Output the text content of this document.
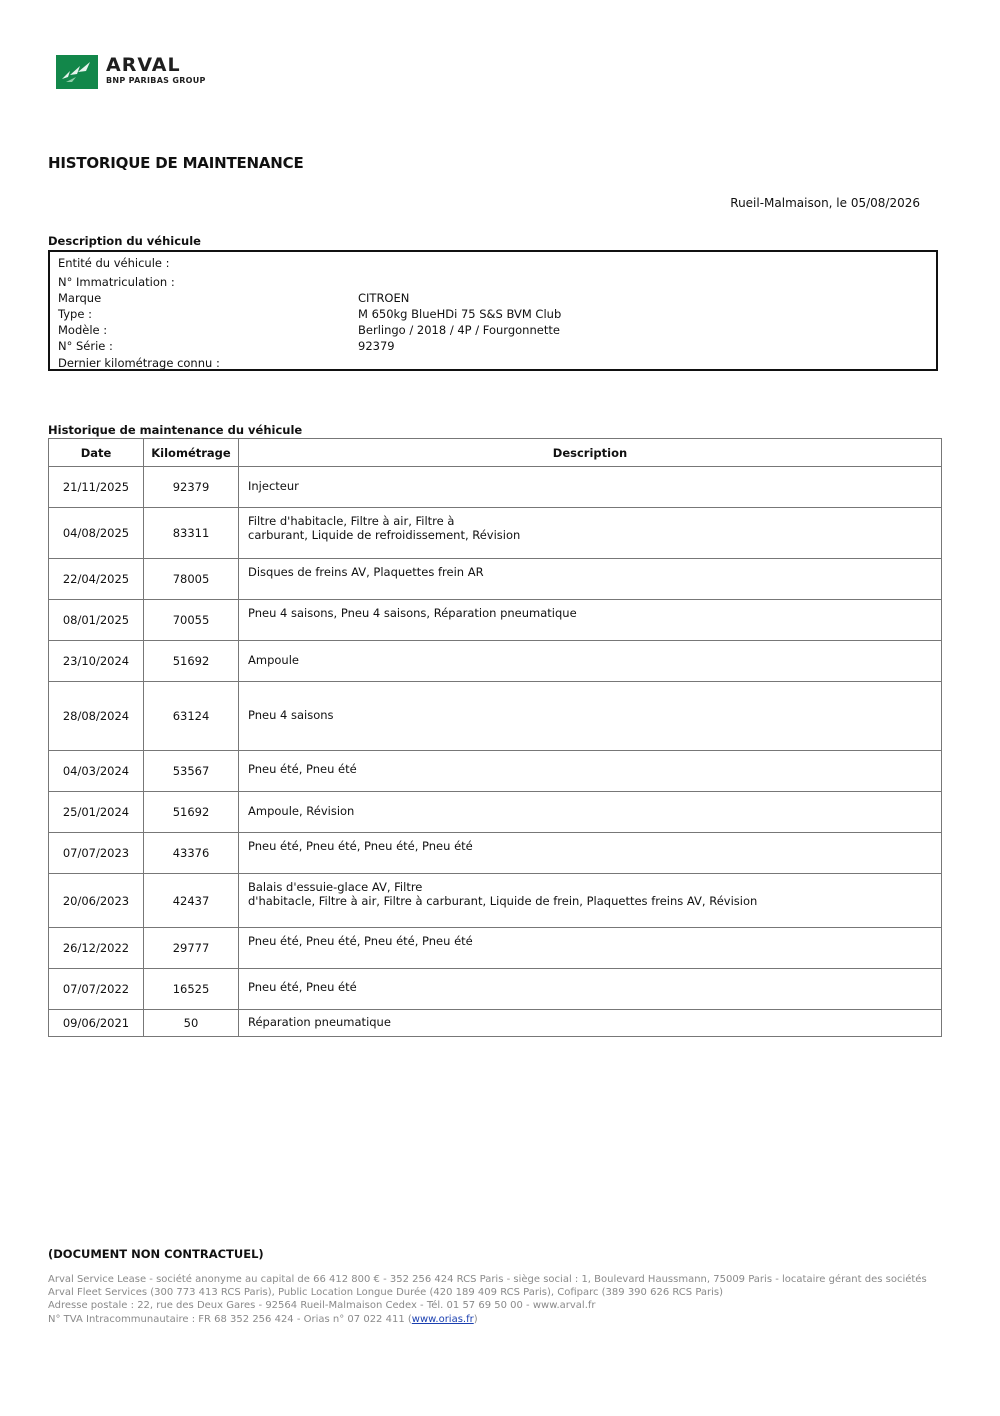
ARVAL
BNP PARIBAS GROUP
HISTORIQUE DE MAINTENANCE
Rueil-Malmaison, le 05/08/2026
Description du véhicule
Entité du véhicule :
N° Immatriculation :
Marque	CITROEN
Type :	M 650kg BlueHDi 75 S&S BVM Club
Modèle :	Berlingo / 2018 / 4P / Fourgonnette
N° Série :	92379
Dernier kilométrage connu :
Historique de maintenance du véhicule
Date	Kilométrage	Description
21/11/2025	92379	Injecteur

04/08/2025	83311	Filtre d'habitacle, Filtre à air, Filtre à
carburant, Liquide de refroidissement, Révision

22/04/2025	78005	Disques de freins AV, Plaquettes frein AR

08/01/2025	70055	Pneu 4 saisons, Pneu 4 saisons, Réparation pneumatique

23/10/2024	51692	Ampoule

28/08/2024	63124	Pneu 4 saisons

04/03/2024	53567	Pneu été, Pneu été

25/01/2024	51692	Ampoule, Révision

07/07/2023	43376	Pneu été, Pneu été, Pneu été, Pneu été

20/06/2023	42437	Balais d'essuie-glace AV, Filtre
d'habitacle, Filtre à air, Filtre à carburant, Liquide de frein, Plaquettes freins AV, Révision

26/12/2022	29777	Pneu été, Pneu été, Pneu été, Pneu été

07/07/2022	16525	Pneu été, Pneu été

09/06/2021	50	Réparation pneumatique
(DOCUMENT NON CONTRACTUEL)
Arval Service Lease - société anonyme au capital de 66 412 800 € - 352 256 424 RCS Paris - siège social : 1, Boulevard Haussmann, 75009 Paris - locataire gérant des sociétés
Arval Fleet Services (300 773 413 RCS Paris), Public Location Longue Durée (420 189 409 RCS Paris), Cofiparc (389 390 626 RCS Paris)
Adresse postale : 22, rue des Deux Gares - 92564 Rueil-Malmaison Cedex - Tél. 01 57 69 50 00 - www.arval.fr
N° TVA Intracommunautaire : FR 68 352 256 424 - Orias n° 07 022 411 (www.orias.fr)
